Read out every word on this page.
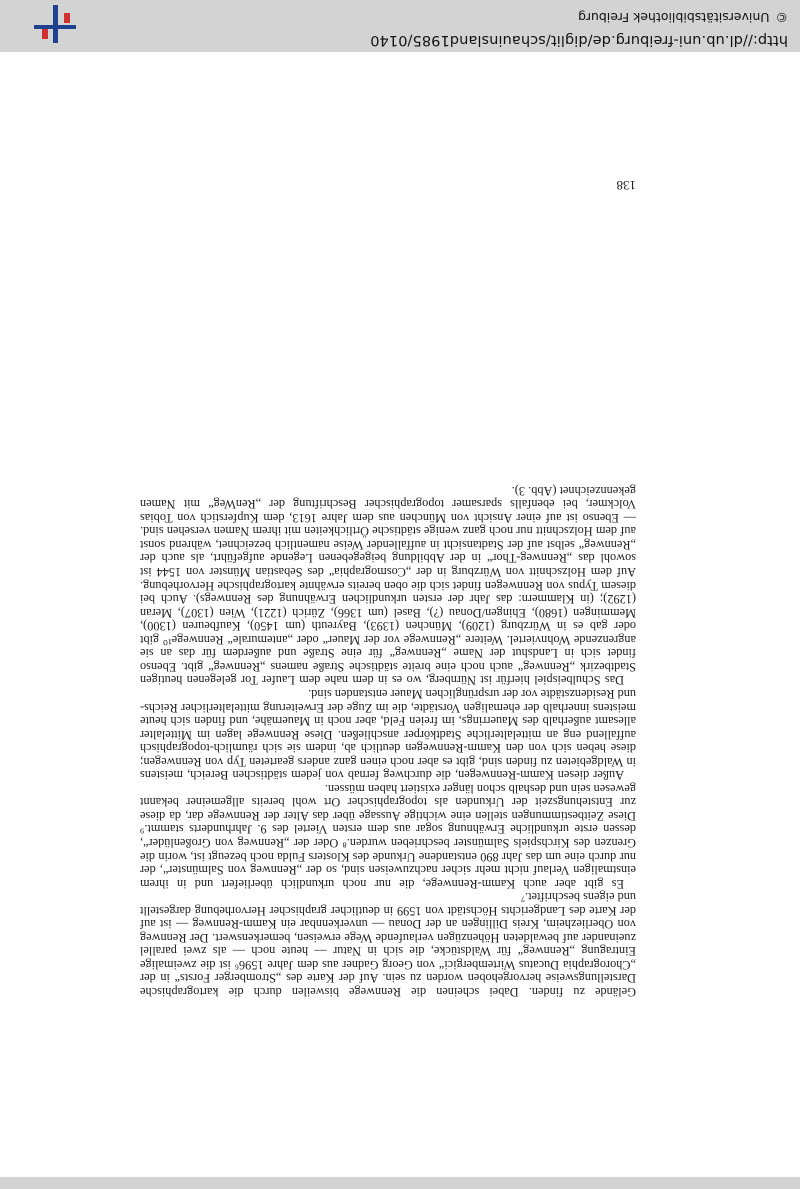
Gelände zu finden. Dabei scheinen die Rennwege bisweilen durch die kartographische Darstellungsweise hervorgehoben worden zu sein. Auf der Karte des „Stromberger Forsts“ in der „Chorographia Ducatus Wirtembergici“ von Georg Gadner aus dem Jahre 1596⁶ ist die zweimalige Eintragung „Rennweg“ für Waldstücke, die sich in Natur — heute noch — als zwei parallel zueinander auf bewaldeten Höhenzügen verlaufende Wege erweisen, bemerkenswert. Der Rennweg von Oberliezheim, Kreis Dillingen an der Donau — unverkennbar ein Kamm-Rennweg — ist auf der Karte des Landgerichts Höchstädt von 1599 in deutlicher graphischer Hervorhebung dargestellt und eigens beschriftet.⁷

Es gibt aber auch Kamm-Rennwege, die nur noch urkundlich überliefert und in ihrem einstmaligen Verlauf nicht mehr sicher nachzuweisen sind, so der „Rennweg von Salmünster“, der nur durch eine um das Jahr 890 entstandene Urkunde des Klosters Fulda noch bezeugt ist, worin die Grenzen des Kirchspiels Salmünster beschrieben wurden.⁸ Oder der „Rennweg von Großenlüder“, dessen erste urkundliche Erwähnung sogar aus dem ersten Viertel des 9. Jahrhunderts stammt.⁹ Diese Zeitbestimmungen stellen eine wichtige Aussage über das Alter der Rennwege dar, da diese zur Entstehungszeit der Urkunden als topographischer Ort wohl bereits allgemeiner bekannt gewesen sein und deshalb schon länger existiert haben müssen.

Außer diesen Kamm-Rennwegen, die durchweg fernab von jedem städtischen Bereich, meistens in Waldgebieten zu finden sind, gibt es aber noch einen ganz anders gearteten Typ von Rennwegen; diese heben sich von den Kamm-Rennwegen deutlich ab, indem sie sich räumlich-topographisch auffallend eng an mittelalterliche Stadtkörper anschließen. Diese Rennwege lagen im Mittelalter allesamt außerhalb des Mauerrings, im freien Feld, aber noch in Mauernähe, und finden sich heute meistens innerhalb der ehemaligen Vorstädte, die im Zuge der Erweiterung mittelalterlicher Reichs- und Residenzstädte vor der ursprünglichen Mauer entstanden sind.

Das Schulbeispiel hierfür ist Nürnberg, wo es in dem nahe dem Laufer Tor gelegenen heutigen Stadtbezirk „Rennweg“ auch noch eine breite städtische Straße namens „Rennweg“ gibt. Ebenso findet sich in Landshut der Name „Rennweg“ für eine Straße und außerdem für das an sie angrenzende Wohnviertel. Weitere „Rennwege vor der Mauer“ oder „antemurale“ Rennwege¹⁰ gibt oder gab es in Würzburg (1209), München (1393), Bayreuth (um 1450), Kaufbeuren (1300), Memmingen (1680), Ehingen/Donau (?), Basel (um 1366), Zürich (1221), Wien (1307), Meran (1292); (in Klammern: das Jahr der ersten urkundlichen Erwähnung des Rennwegs). Auch bei diesem Typus von Rennwegen findet sich die oben bereits erwähnte kartographische Hervorhebung. Auf dem Holzschnitt von Würzburg in der „Cosmographia“ des Sebastian Münster von 1544 ist sowohl das „Rennweg-Thor“ in der Abbildung beigegebenen Legende aufgeführt, als auch der „Rennweg“ selbst auf der Stadtansicht in auffallender Weise namentlich bezeichnet, während sonst auf dem Holzschnitt nur noch ganz wenige städtische Örtlichkeiten mit ihrem Namen versehen sind. — Ebenso ist auf einer Ansicht von München aus dem Jahre 1613, dem Kupferstich von Tobias Volckmer, bei ebenfalls sparsamer topographischer Beschriftung der „RenWeg“ mit Namen gekennzeichnet (Abb. 3).

138
http://dl.ub.uni-freiburg.de/diglit/schauinsland1985/0140
©Universitätsbibliothek Freiburg
